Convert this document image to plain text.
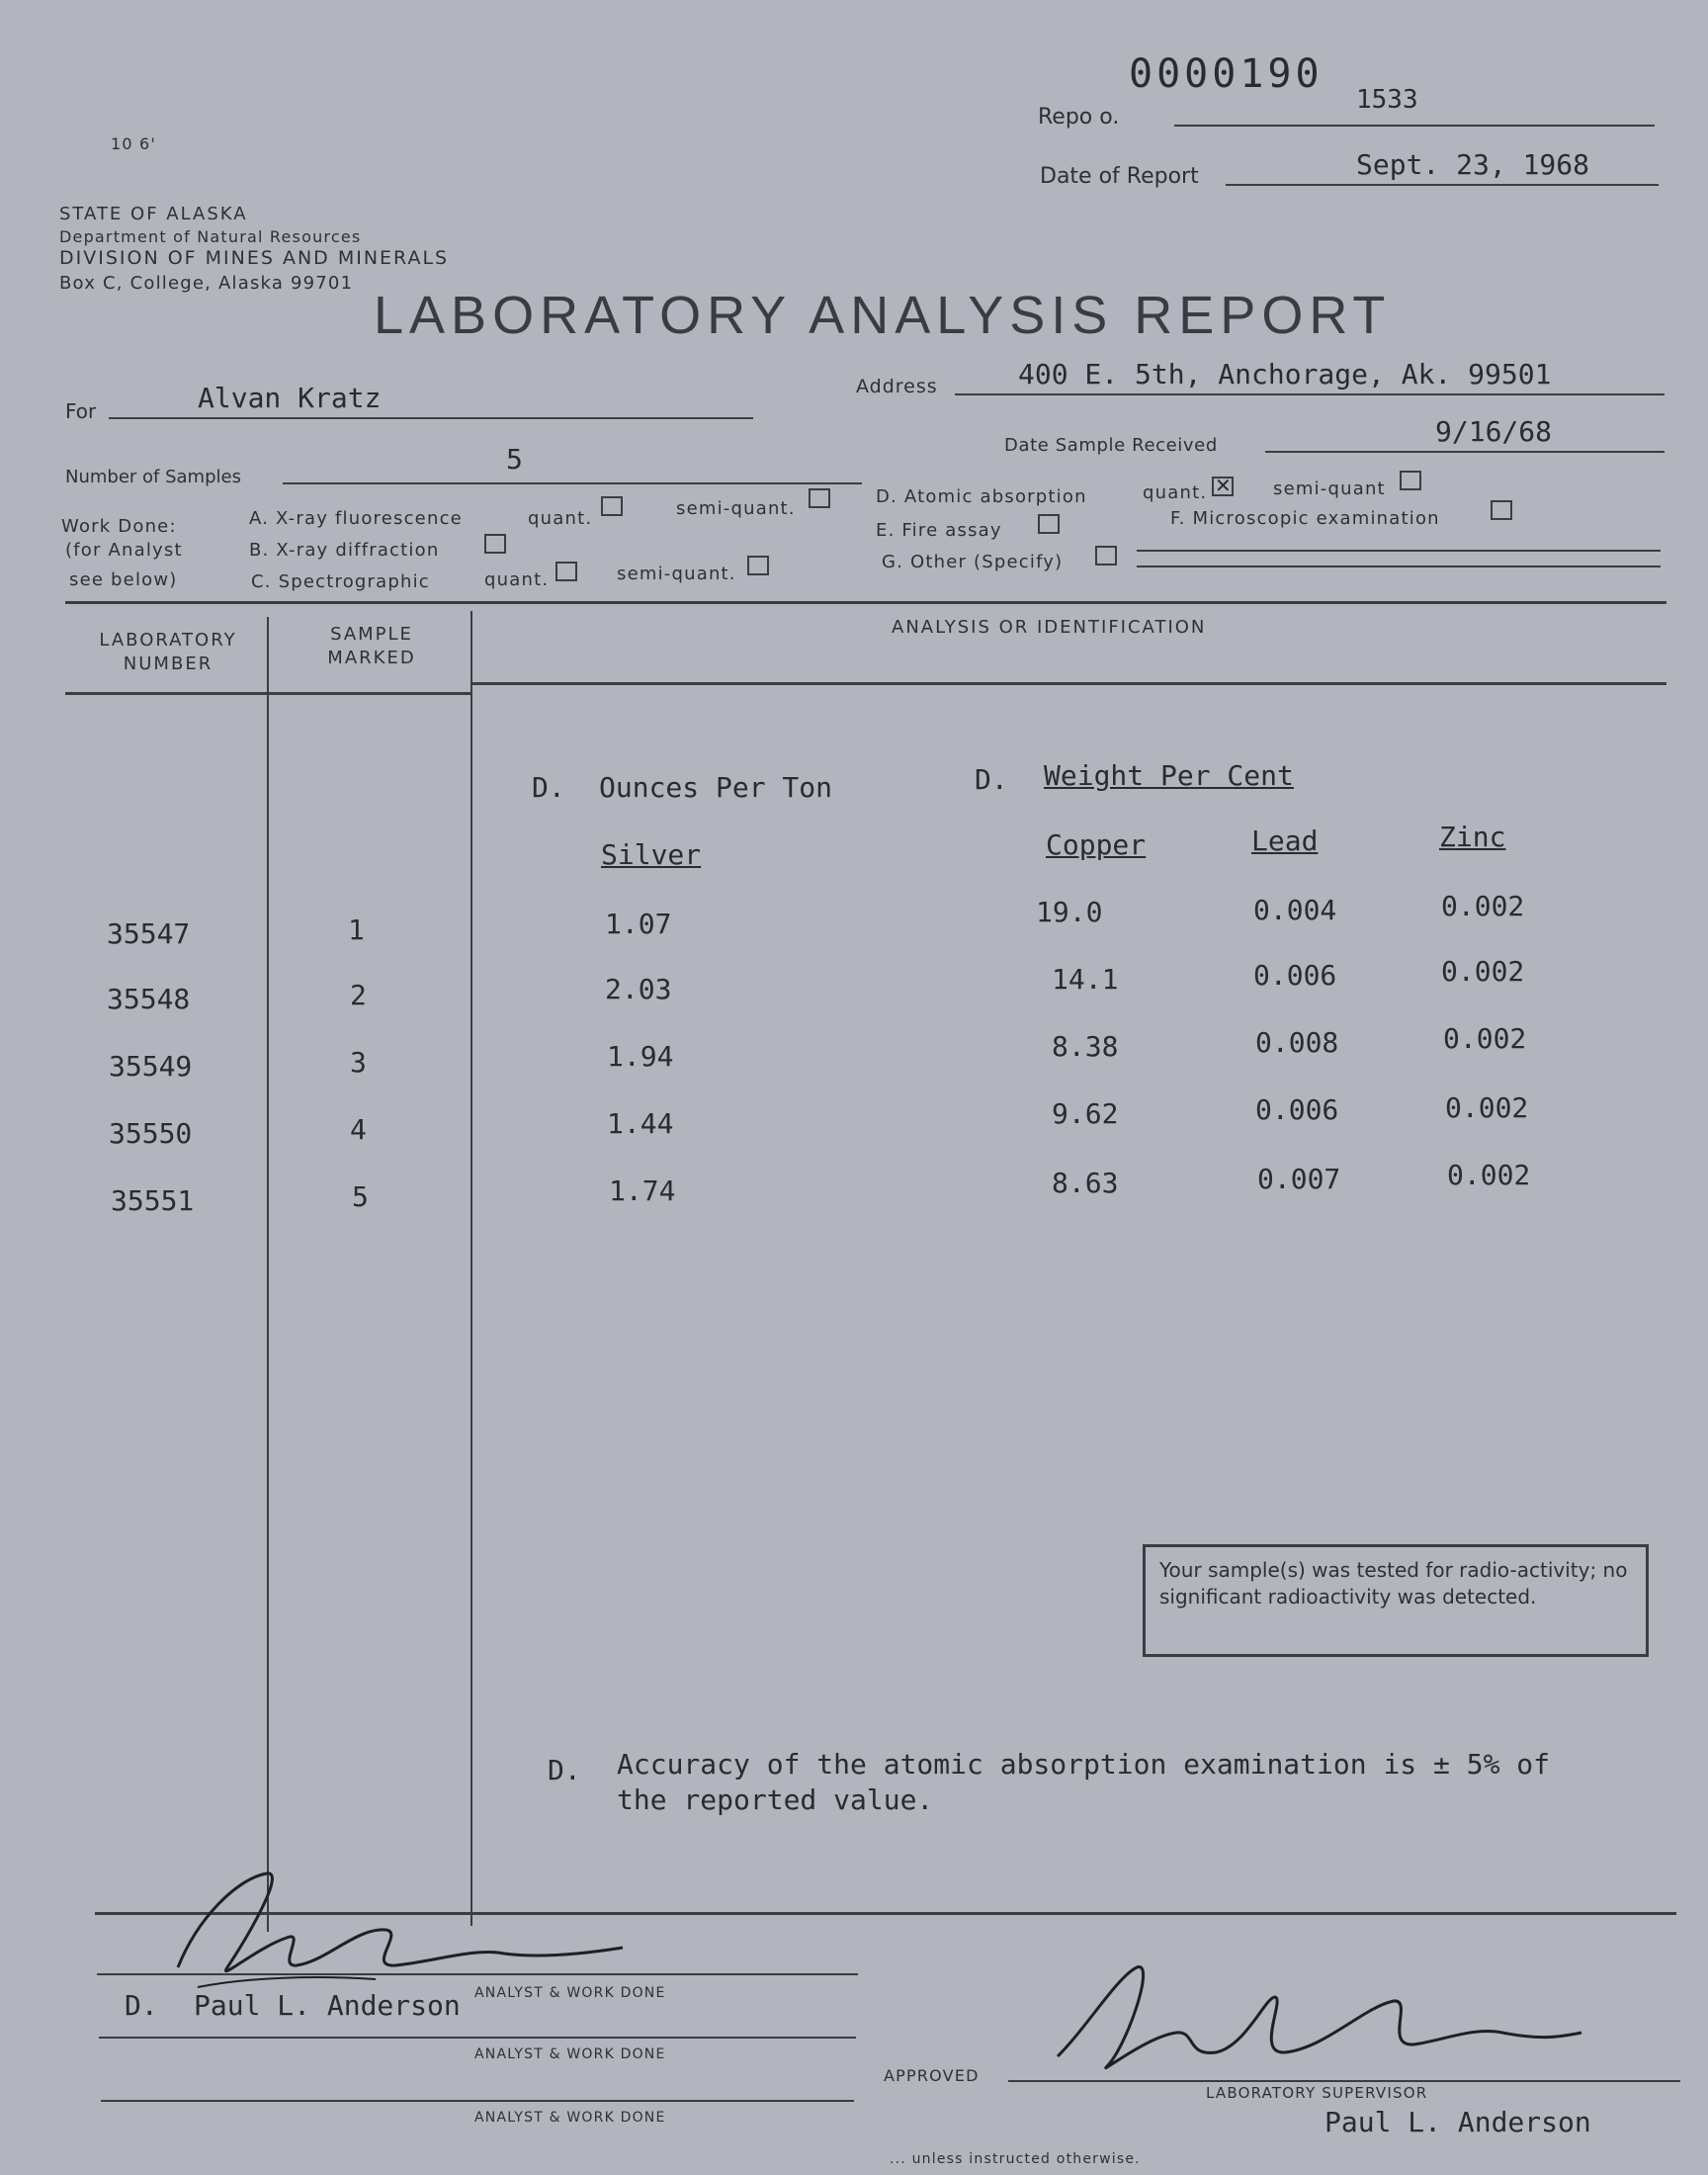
0000190
10 6'
Repo o.
1533
Date of Report	Sept. 23, 1968
STATE OF ALASKA
Department of Natural Resources
DIVISION OF MINES AND MINERALS
Box C, College, Alaska 99701
LABORATORY ANALYSIS REPORT
For	Alvan Kratz	Address	400 E. 5th, Anchorage, Ak. 99501
Number of Samples
5	Date Sample Received	9/16/68
Work Done:
(for Analyst
see below)
A. X-ray fluorescence	quant.	semi-quant.
B. X-ray diffraction
C. Spectrographic	quant.	semi-quant.
D. Atomic absorption	quant.
✕	semi-quant
E. Fire assay
F. Microscopic examination
G. Other (Specify)
LABORATORY
NUMBER
SAMPLE
MARKED
ANALYSIS OR IDENTIFICATION
D. Ounces Per Ton	D. Weight Per Cent
Silver	Copper	Lead	Zinc
35547	1	1.07	19.0	0.004	0.002
35548	2	2.03	14.1	0.006	0.002
35549	3	1.94	8.38	0.008	0.002
35550	4	1.44	9.62	0.006	0.002
35551	5	1.74	8.63	0.007	0.002
Your sample(s) was tested for radio-activity; no significant radioactivity was detected.
D. Accuracy of the atomic absorption examination is ± 5% of
the reported value.
D. Paul L. Anderson ANALYST & WORK DONE
ANALYST & WORK DONE
ANALYST & WORK DONE
APPROVED
LABORATORY SUPERVISOR
Paul L. Anderson
... unless instructed otherwise.
